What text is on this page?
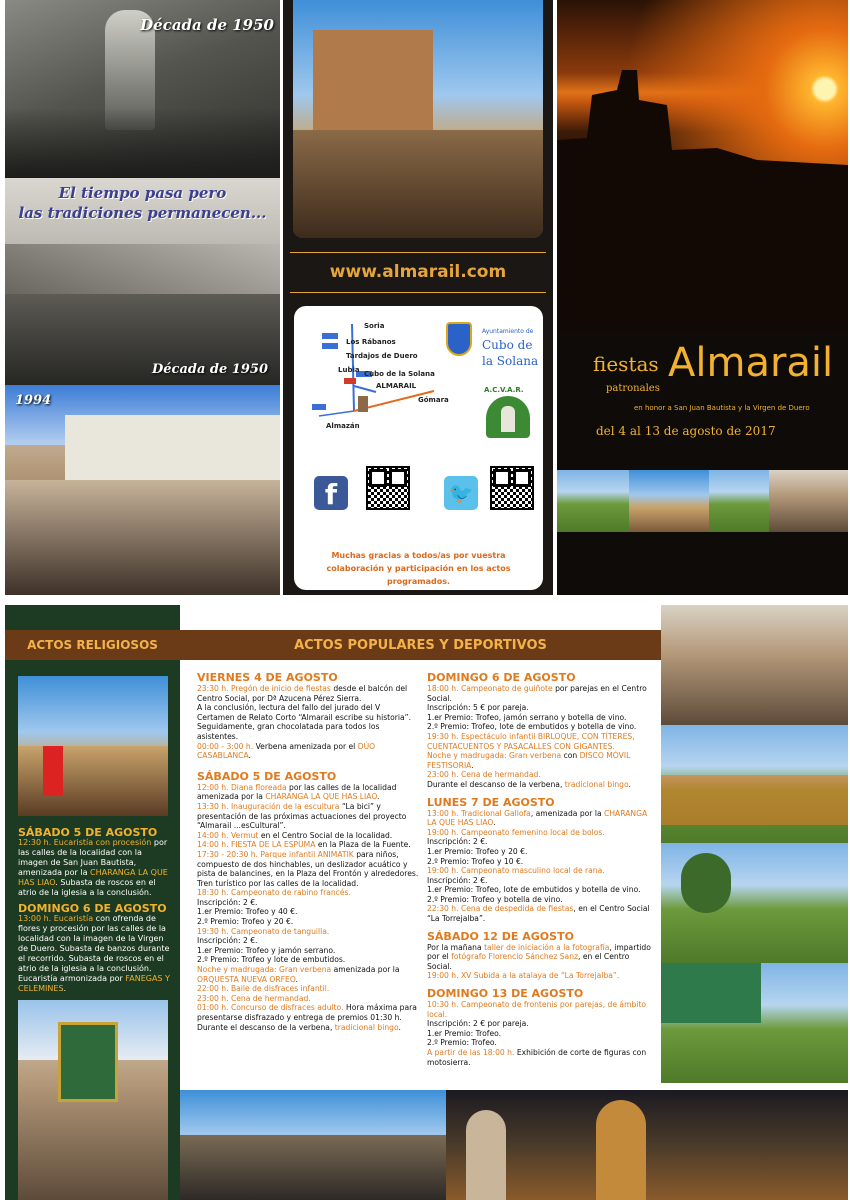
Década de 1950
El tiempo pasa pero
las tradiciones permanecen...
Década de 1950
1994
www.almarail.com
Soria
Los Rábanos
Tardajos de Duero
Lubia Cubo de la Solana
ALMARAIL
Gómara
Almazán
Ayuntamiento de
Cubo de
la Solana
A.C.V.A.R.
f	🐦
Muchas gracias a todos/as por vuestra colaboración y participación en los actos programados.
fiestas
patronales
Almarail
en honor a San Juan Bautista y la Virgen de Duero
del 4 al 13 de agosto de 2017
ACTOS RELIGIOSOS
SÁBADO 5 DE AGOSTO

12:30 h. Eucaristía con procesión por las calles de la localidad con la imagen de San Juan Bautista, amenizada por la CHARANGA LA QUE HAS LIAO. Subasta de roscos en el atrio de la iglesia a la conclusión.

DOMINGO 6 DE AGOSTO

13:00 h. Eucaristía con ofrenda de flores y procesión por las calles de la localidad con la imagen de la Virgen de Duero. Subasta de banzos durante el recorrido. Subasta de roscos en el atrio de la iglesia a la conclusión. Eucaristía armonizada por FANEGAS Y CELEMINES.

ACTOS POPULARES Y DEPORTIVOS
VIERNES 4 DE AGOSTO

23:30 h. Pregón de inicio de fiestas desde el balcón del Centro Social, por Dª Azucena Pérez Sierra.

A la conclusión, lectura del fallo del jurado del V Certamen de Relato Corto “Almarail escribe su historia”.

Seguidamente, gran chocolatada para todos los asistentes.

00:00 - 3:00 h. Verbena amenizada por el DÚO CASABLANCA.

SÁBADO 5 DE AGOSTO

12:00 h. Diana floreada por las calles de la localidad amenizada por la CHARANGA LA QUE HAS LIAO.

13:30 h. Inauguración de la escultura “La bici” y presentación de las próximas actuaciones del proyecto “Almarail ...esCultural”.

14:00 h. Vermut en el Centro Social de la localidad.

14:00 h. FIESTA DE LA ESPUMA en la Plaza de la Fuente.

17:30 - 20:30 h. Parque infantil ANIMATIK para niños, compuesto de dos hinchables, un deslizador acuático y pista de balancines, en la Plaza del Frontón y alrededores. Tren turístico por las calles de la localidad.

18:30 h. Campeonato de rabino francés.

Inscripción: 2 €.

1.er Premio: Trofeo y 40 €.

2.º Premio: Trofeo y 20 €.

19:30 h. Campeonato de tanguilla.

Inscripción: 2 €.

1.er Premio: Trofeo y jamón serrano.

2.º Premio: Trofeo y lote de embutidos.

Noche y madrugada: Gran verbena amenizada por la ORQUESTA NUEVA ORFEO.

22:00 h. Baile de disfraces infantil.

23:00 h. Cena de hermandad.

01:00 h. Concurso de disfraces adulto. Hora máxima para presentarse disfrazado y entrega de premios 01:30 h.

Durante el descanso de la verbena, tradicional bingo.

DOMINGO 6 DE AGOSTO

18:00 h. Campeonato de guiñote por parejas en el Centro Social.

Inscripción: 5 € por pareja.

1.er Premio: Trofeo, jamón serrano y botella de vino.

2.º Premio: Trofeo, lote de embutidos y botella de vino.

19:30 h. Espectáculo infantil BIRLOQUE, CON TÍTERES, CUENTACUENTOS Y PASACALLES CON GIGANTES.

Noche y madrugada: Gran verbena con DISCO MÓVIL FESTISORIA.

23:00 h. Cena de hermandad.

Durante el descanso de la verbena, tradicional bingo.

LUNES 7 DE AGOSTO

13:00 h. Tradicional Gallofa, amenizada por la CHARANGA LA QUE HAS LIAO.

19:00 h. Campeonato femenino local de bolos.

Inscripción: 2 €.

1.er Premio: Trofeo y 20 €.

2.º Premio: Trofeo y 10 €.

19:00 h. Campeonato masculino local de rana.

Inscripción: 2 €.

1.er Premio: Trofeo, lote de embutidos y botella de vino.

2.º Premio: Trofeo y botella de vino.

22:30 h. Cena de despedida de fiestas, en el Centro Social “La Torrejalba”.

SÁBADO 12 DE AGOSTO

Por la mañana taller de iniciación a la fotografía, impartido por el fotógrafo Florencio Sánchez Sanz, en el Centro Social.

19:00 h. XV Subida a la atalaya de “La Torrejalba”.

DOMINGO 13 DE AGOSTO

10:30 h. Campeonato de frontenis por parejas, de ámbito local.

Inscripción: 2 € por pareja.

1.er Premio: Trofeo.

2.º Premio: Trofeo.

A partir de las 18:00 h. Exhibición de corte de figuras con motosierra.
